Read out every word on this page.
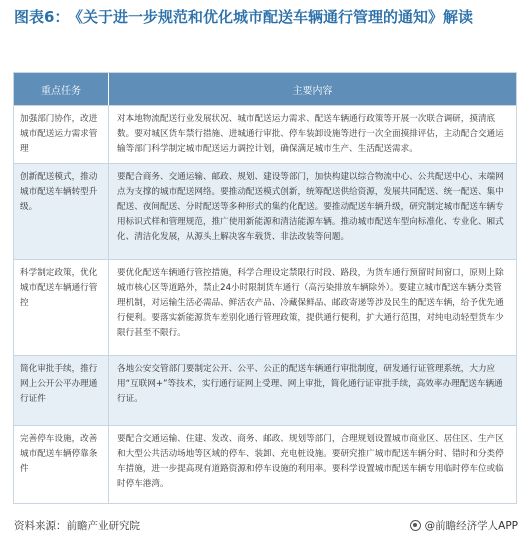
图表6： 《关于进一步规范和优化城市配送车辆通行管理的通知》解读
重点任务	主要内容
加强部门协作，改进城市配送运力需求管理
对本地物流配送行业发展状况、城市配送运力需求、配送车辆通行政策等开展一次联合调研，摸清底数。要对城区货车禁行措施、进城通行审批、停车装卸设施等进行一次全面摸排评估，主动配合交通运输等部门科学制定城市配送运力调控计划，确保满足城市生产、生活配送需求。
创新配送模式，推动城市配送车辆转型升级。
要配合商务、交通运输、邮政、规划、建设等部门，加快构建以综合物流中心、公共配送中心、末端网点为支撑的城市配送网络。要推动配送模式创新，统筹配送供给资源，发展共同配送、统一配送、集中配送、夜间配送、分时配送等多种形式的集约化配送。要推动配送车辆升级，研究制定城市配送车辆专用标识式样和管理规范，推广使用新能源和清洁能源车辆。推动城市配送车型向标准化、专业化、厢式化、清洁化发展，从源头上解决客车载货、非法改装等问题。
科学制定政策，优化城市配送车辆通行管控
要优化配送车辆通行管控措施，科学合理设定禁限行时段、路段，为货车通行预留时间窗口，原则上除城市核心区等道路外，禁止24小时限制货车通行（高污染排放车辆除外）。要建立城市配送车辆分类管理机制，对运输生活必需品、鲜活农产品、冷藏保鲜品、邮政寄递等涉及民生的配送车辆，给予优先通行便利。要落实新能源货车差别化通行管理政策，提供通行便利，扩大通行范围，对纯电动轻型货车少限行甚至不限行。
简化审批手续，推行网上公开公平办理通行证件
各地公安交管部门要制定公开、公平、公正的配送车辆通行审批制度，研发通行证管理系统，大力应用“互联网+”等技术，实行通行证网上受理、网上审批，简化通行证审批手续，高效率办理配送车辆通行证。
完善停车设施，改善城市配送车辆停靠条件
要配合交通运输、住建、发改、商务、邮政、规划等部门，合理规划设置城市商业区、居住区、生产区和大型公共活动场地等区域的停车、装卸、充电桩设施。要研究推广城市配送车辆分时、错时和分类停车措施，进一步提高现有道路资源和停车设施的利用率。要科学设置城市配送车辆专用临时停车位或临时停车港湾。
资料来源：前瞻产业研究院	@前瞻经济学人APP
